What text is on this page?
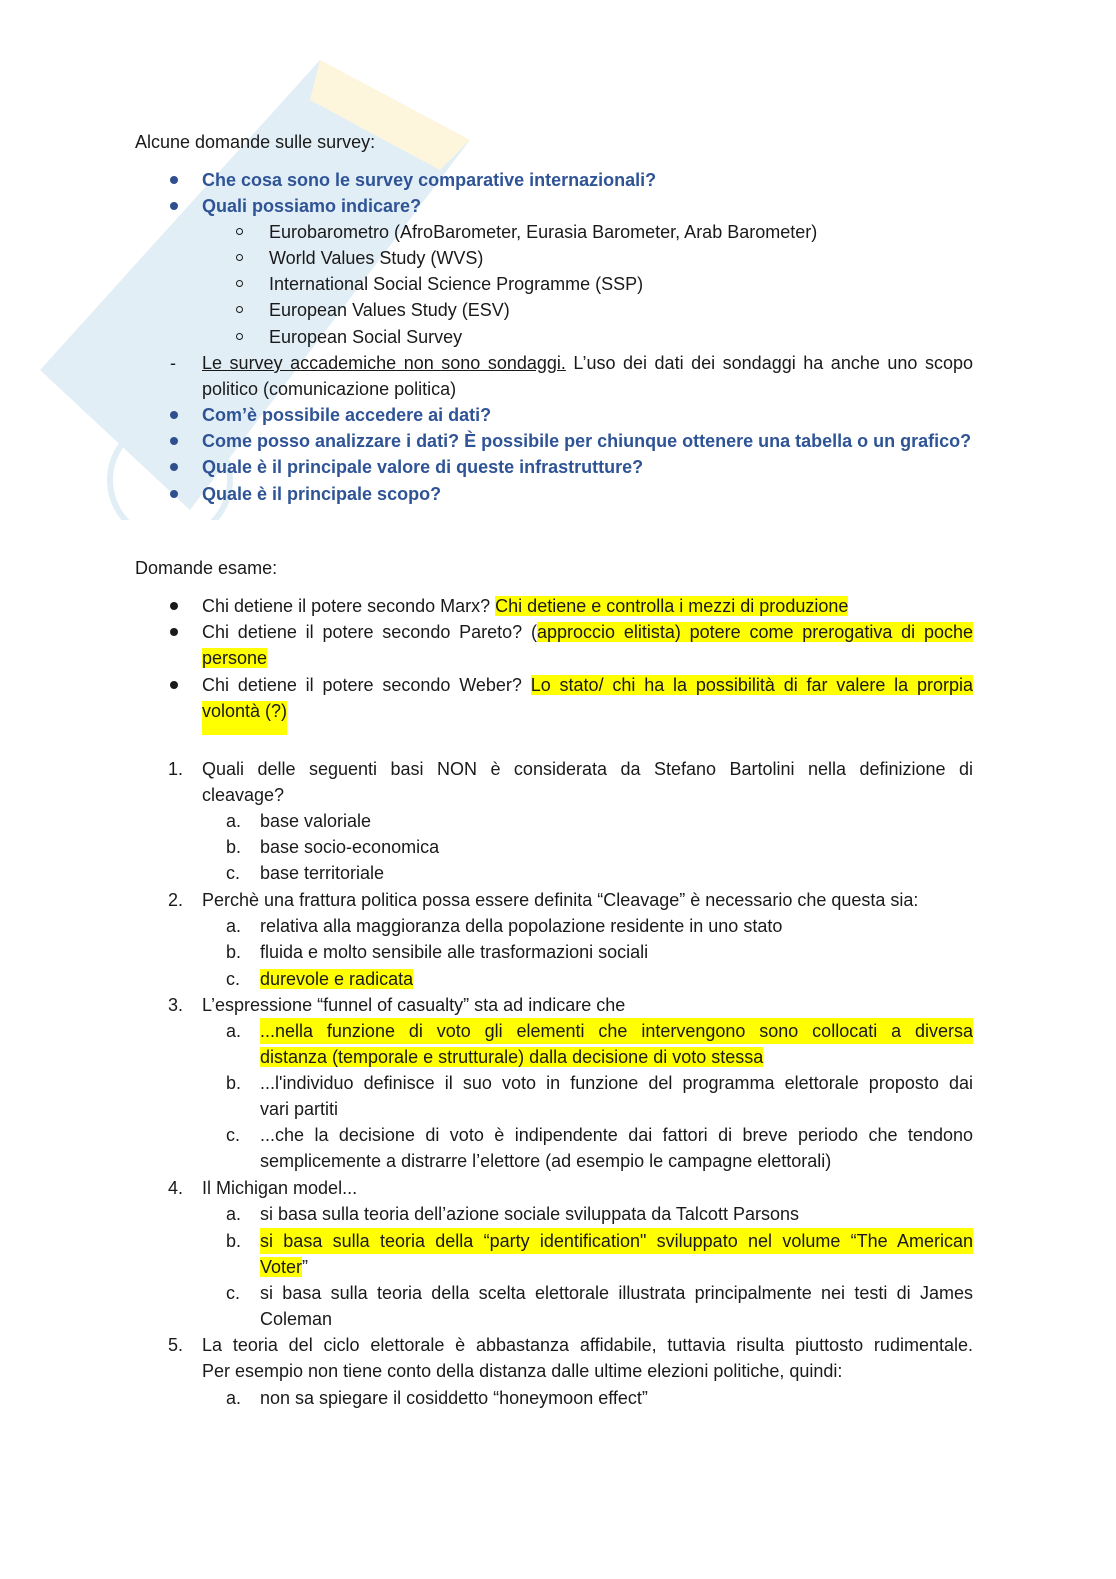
Alcune domande sulle survey:
Che cosa sono le survey comparative internazionali?
Quali possiamo indicare?
Eurobarometro (AfroBarometer, Eurasia Barometer, Arab Barometer)
World Values Study (WVS)
International Social Science Programme (SSP)
European Values Study (ESV)
European Social Survey
- Le survey accademiche non sono sondaggi. L’uso dei dati dei sondaggi ha anche uno scopo
politico (comunicazione politica)
Com’è possibile accedere ai dati?
Come posso analizzare i dati? È possibile per chiunque ottenere una tabella o un grafico?
Quale è il principale valore di queste infrastrutture?
Quale è il principale scopo?
Domande esame:
Chi detiene il potere secondo Marx? Chi detiene e controlla i mezzi di produzione
Chi detiene il potere secondo Pareto? (approccio elitista) potere come prerogativa di poche
persone
Chi detiene il potere secondo Weber? Lo stato/ chi ha la possibilità di far valere la prorpia
volontà (?)
1. Quali delle seguenti basi NON è considerata da Stefano Bartolini nella definizione di
cleavage?
a. base valoriale
b. base socio-economica
c. base territoriale
2. Perchè una frattura politica possa essere definita “Cleavage” è necessario che questa sia:
a. relativa alla maggioranza della popolazione residente in uno stato
b. fluida e molto sensibile alle trasformazioni sociali
c. durevole e radicata
3. L’espressione “funnel of casualty” sta ad indicare che
a. ...nella funzione di voto gli elementi che intervengono sono collocati a diversa
distanza (temporale e strutturale) dalla decisione di voto stessa
b. ...l'individuo definisce il suo voto in funzione del programma elettorale proposto dai
vari partiti
c. ...che la decisione di voto è indipendente dai fattori di breve periodo che tendono
semplicemente a distrarre l’elettore (ad esempio le campagne elettorali)
4. Il Michigan model...
a. si basa sulla teoria dell’azione sociale sviluppata da Talcott Parsons
b. si basa sulla teoria della “party identification" sviluppato nel volume “The American
Voter”
c. si basa sulla teoria della scelta elettorale illustrata principalmente nei testi di James
Coleman
5. La teoria del ciclo elettorale è abbastanza affidabile, tuttavia risulta piuttosto rudimentale.
Per esempio non tiene conto della distanza dalle ultime elezioni politiche, quindi:
a. non sa spiegare il cosiddetto “honeymoon effect”
